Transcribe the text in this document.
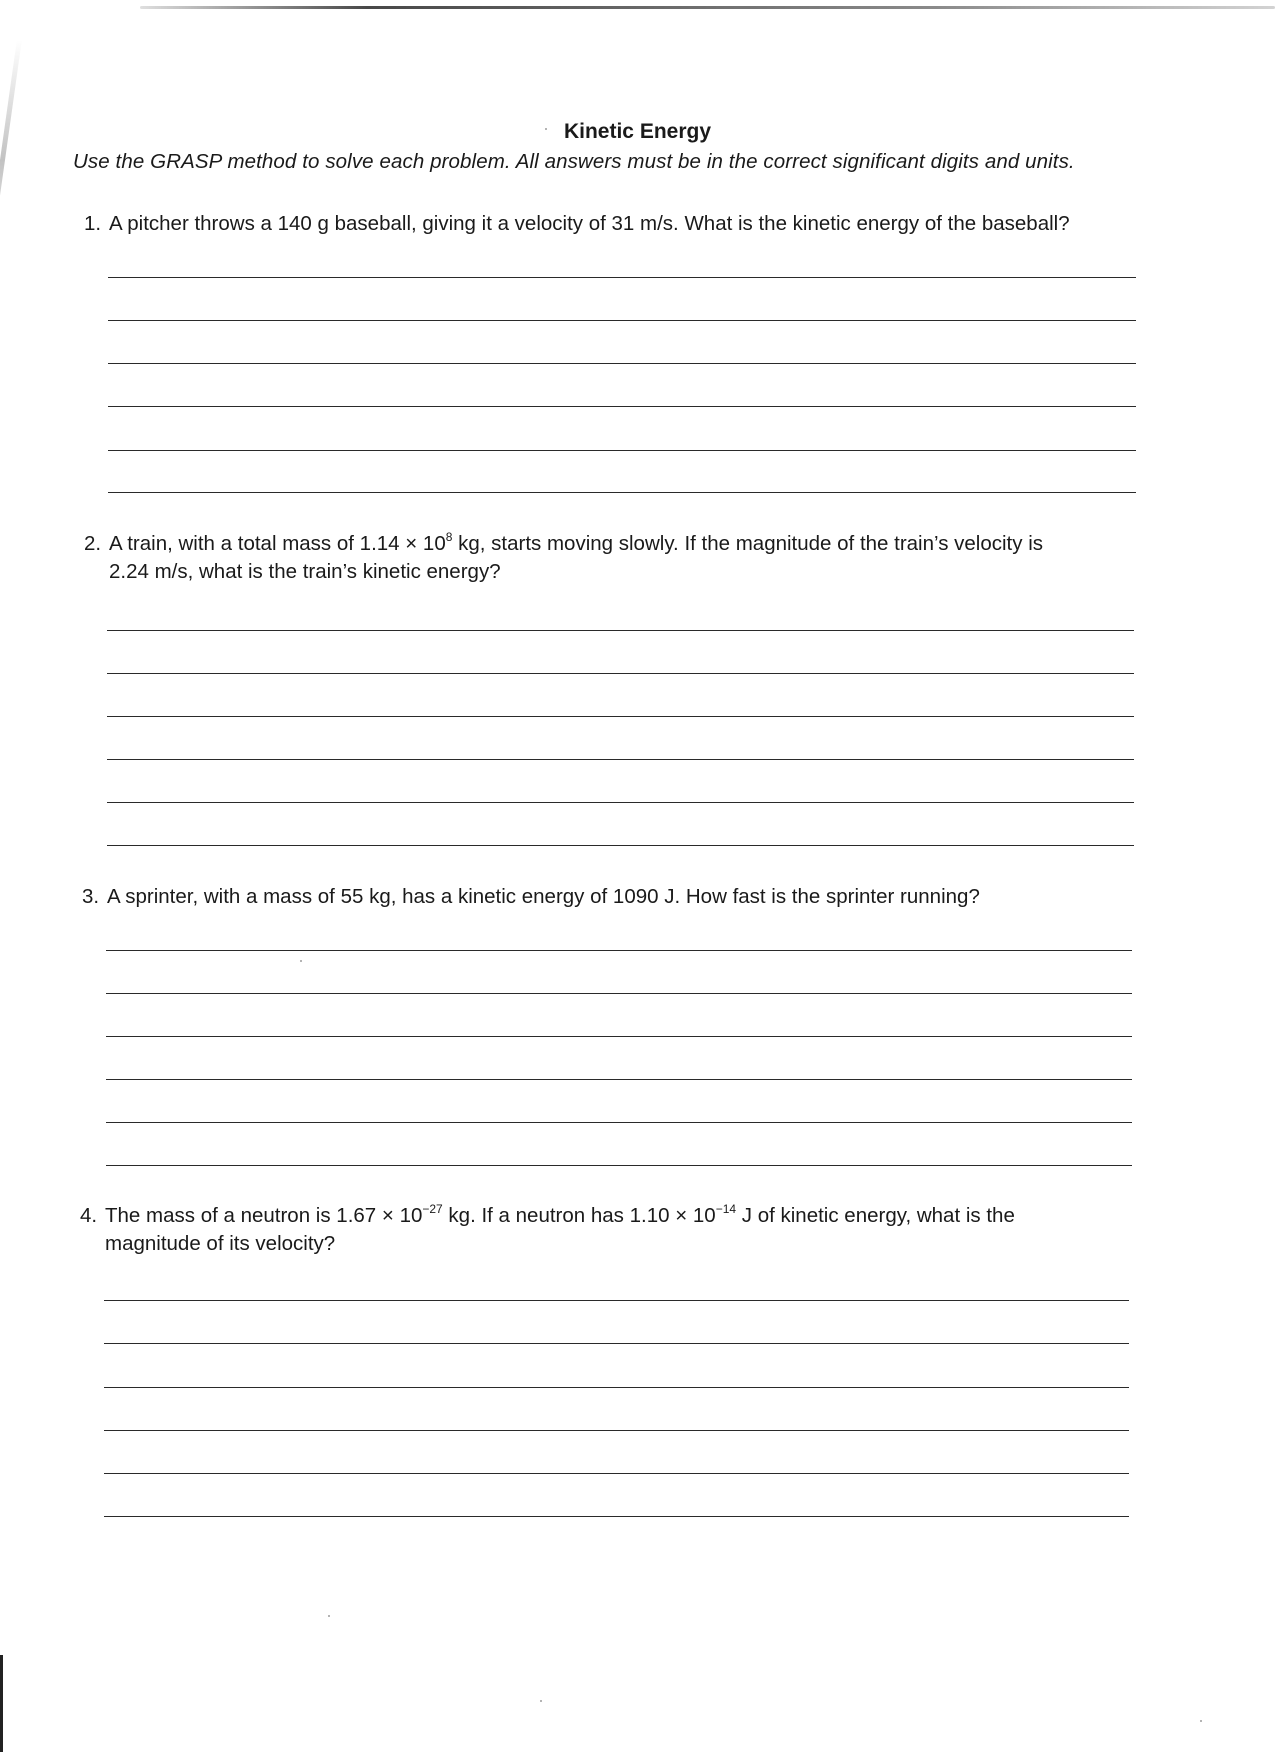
Kinetic Energy
Use the GRASP method to solve each problem. All answers must be in the correct significant digits and units.
1. A pitcher throws a 140 g baseball, giving it a velocity of 31 m/s. What is the kinetic energy of the baseball?
2. A train, with a total mass of $1.14 \times 10^8$ kg, starts moving slowly. If the magnitude of the train’s velocity is
2.24 m/s, what is the train’s kinetic energy?
3. A sprinter, with a mass of 55 kg, has a kinetic energy of 1090 J. How fast is the sprinter running?
4. The mass of a neutron is $1.67 \times 10^{-27}$ kg. If a neutron has $1.10 \times 10^{-14}$ J of kinetic energy, what is the
magnitude of its velocity?
